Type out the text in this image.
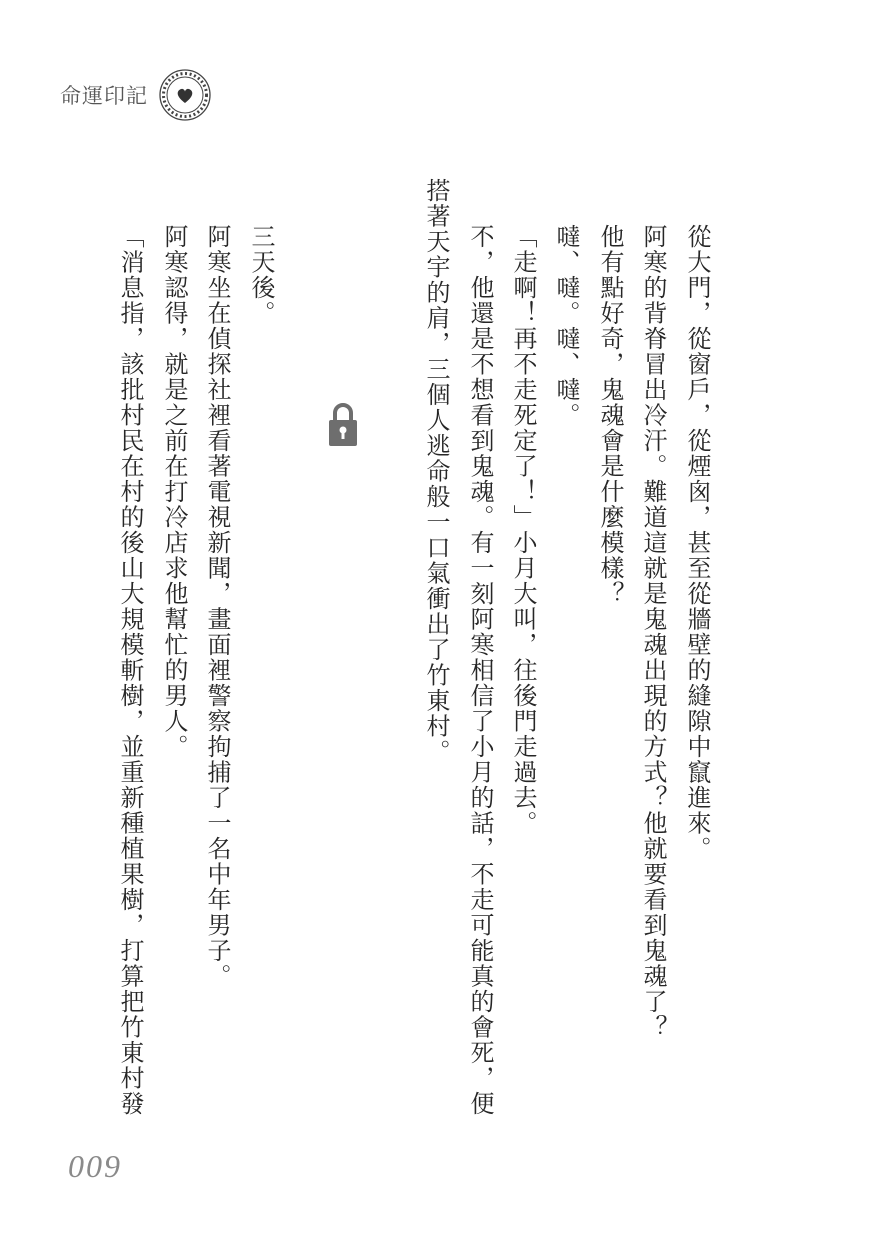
命運印記
從大門，從窗戶，從煙囪，甚至從牆壁的縫隙中竄進來。
阿寒的背脊冒出冷汗。難道這就是鬼魂出現的方式？他就要看到鬼魂了？
他有點好奇，鬼魂會是什麼模樣？
噠、噠。噠、噠。
「走啊！再不走死定了！」小月大叫，往後門走過去。
不，他還是不想看到鬼魂。有一刻阿寒相信了小月的話，不走可能真的會死，便
搭著天宇的肩，三個人逃命般一口氣衝出了竹東村。
三天後。
阿寒坐在偵探社裡看著電視新聞，畫面裡警察拘捕了一名中年男子。
阿寒認得，就是之前在打冷店求他幫忙的男人。
「消息指，該批村民在村的後山大規模斬樹，並重新種植果樹，打算把竹東村發
009
